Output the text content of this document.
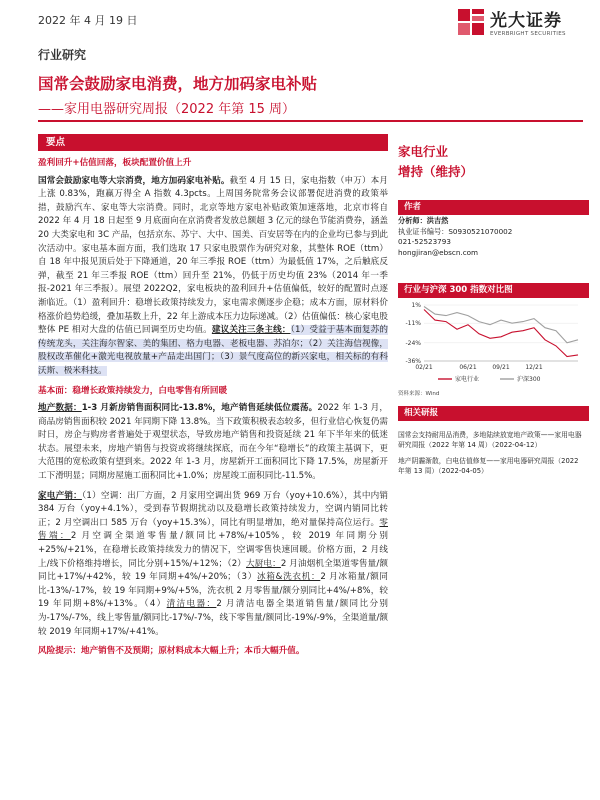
2022 年 4 月 19 日	光大证券
EVERBRIGHT SECURITIES
行业研究
国常会鼓励家电消费，地方加码家电补贴
——家用电器研究周报（2022 年第 15 周）
要点
盈利回升+估值回落，板块配置价值上升

国常会鼓励家电等大宗消费，地方加码家电补贴。截至 4 月 15 日，家电指数（申万）本月上涨 0.83%，跑赢万得全 A 指数 4.3pcts。上周国务院常务会议部署促进消费的政策举措，鼓励汽车、家电等大宗消费。同时，北京等地方家电补贴政策加速落地，北京市将自 2022 年 4 月 18 日起至 9 月底面向在京消费者发放总额超 3 亿元的绿色节能消费券，涵盖 20 大类家电和 3C 产品，包括京东、苏宁、大中、国美、百安居等在内的企业均已参与到此次活动中。家电基本面方面，我们选取 17 只家电股票作为研究对象，其整体 ROE（ttm）自 18 年中报见顶后处于下降通道，20 年三季报 ROE（ttm）为最低值 17%，之后触底反弹，截至 21 年三季报 ROE（ttm）回升至 21%，仍低于历史均值 23%（2014 年一季报-2021 年三季报）。展望 2022Q2，家电板块的盈利回升+估值偏低，较好的配置时点逐渐临近。（1）盈利回升：稳增长政策持续发力，家电需求侧逐步企稳；成本方面，原材料价格涨价趋势趋缓，叠加基数上升，22 年上游成本压力边际递减。（2）估值偏低：核心家电股整体 PE 相对大盘的估值已回调至历史均值。建议关注三条主线：（1）受益于基本面复苏的传统龙头，关注海尔智家、美的集团、格力电器、老板电器、苏泊尔；（2）关注海信视像，股权改革催化+激光电视放量+产品走出国门；（3）景气度高位的新兴家电，相关标的有科沃斯、极米科技。

基本面：稳增长政策持续发力，白电零售有所回暖

地产数据：1-3 月新房销售面积同比-13.8%，地产销售延续低位震荡。2022 年 1-3 月，商品房销售面积较 2021 年同期下降 13.8%。当下政策积极表态较多，但行业信心恢复仍需时日，房企与购房者普遍处于观望状态，导致房地产销售和投资延续 21 年下半年来的低迷状态。展望未来，房地产销售与投资或将继续探底，而在今年“稳增长”的政策主基调下，更大范围的宽松政策有望到来。2022 年 1-3 月，房屋新开工面积同比下降 17.5%，房屋新开工下滑明显；同期房屋施工面积同比+1.0%；房屋竣工面积同比-11.5%。

家电产销：（1）空调：出厂方面，2 月家用空调出货 969 万台（yoy+10.6%），其中内销 384 万台（yoy+4.1%），受到春节假期扰动以及稳增长政策持续发力，空调内销同比转正；2 月空调出口 585 万台（yoy+15.3%），同比有明显增加，绝对量保持高位运行。零售端：2 月空调全渠道零售量/额同比+78%/+105%，较 2019 年同期分别+25%/+21%，在稳增长政策持续发力的情况下，空调零售快速回暖。价格方面，2 月线上/线下价格维持增长，同比分别+15%/+12%；（2）大厨电：2 月油烟机全渠道零售量/额同比+17%/+42%，较 19 年同期+4%/+20%；（3）冰箱&洗衣机：2 月冰箱量/额同比-13%/-17%，较 19 年同期+9%/+5%，洗衣机 2 月零售量/额分别同比+4%/+8%，较 19 年同期+8%/+13%。（4）清洁电器：2 月清洁电器全渠道销售量/额同比分别为-17%/-7%，线上零售量/额同比-17%/-7%，线下零售量/额同比-19%/-9%，全渠道量/额较 2019 年同期+17%/+41%。

风险提示：地产销售不及预期；原材料成本大幅上升；本币大幅升值。
家电行业
增持（维持）
作者
分析师：洪吉然
执业证书编号：S0930521070002
021-52523793
hongjiran@ebscn.com
行业与沪深 300 指数对比图
1%
-11%
-24%
-36%
02/21	06/21	09/21	12/21
家电行业	沪深300
资料来源：Wind
相关研报
国常会支持耐用品消费，多地陆续放宽地产政策——家用电器研究周报（2022 年第 14 周）（2022-04-12）
地产阴霾渐散，白电估值修复——家用电器研究周报（2022 年第 13 周）（2022-04-05）
